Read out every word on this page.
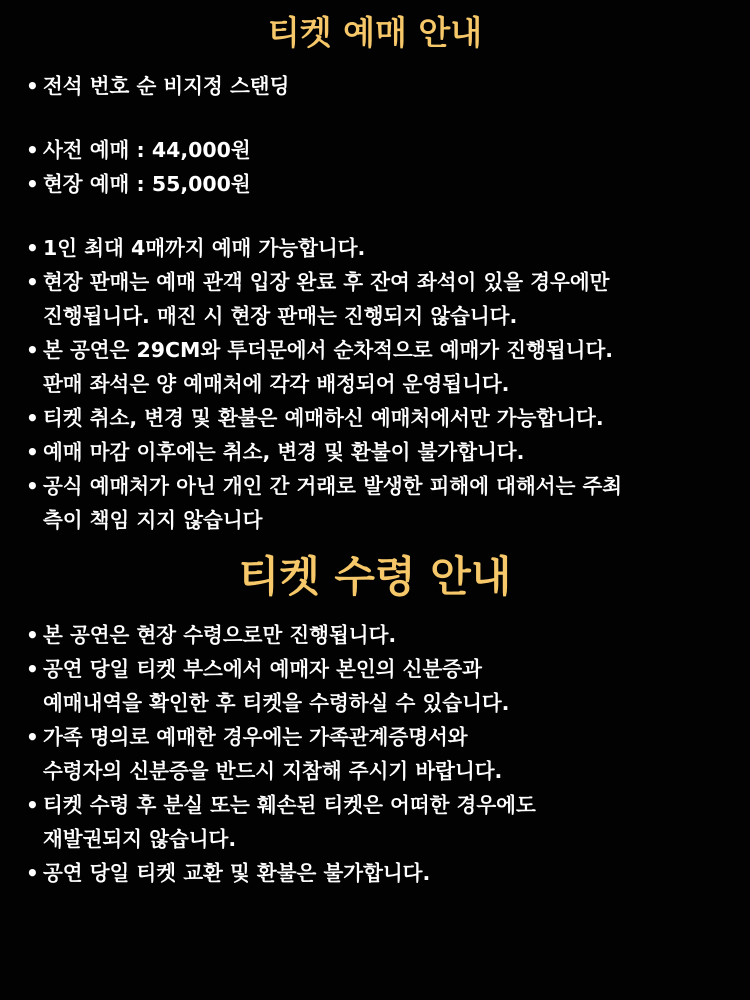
티켓 예매 안내
• 전석 번호 순 비지정 스탠딩
• 사전 예매 : 44,000원
• 현장 예매 : 55,000원
• 1인 최대 4매까지 예매 가능합니다.
• 현장 판매는 예매 관객 입장 완료 후 잔여 좌석이 있을 경우에만
진행됩니다. 매진 시 현장 판매는 진행되지 않습니다.
• 본 공연은 29CM와 투더문에서 순차적으로 예매가 진행됩니다.
판매 좌석은 양 예매처에 각각 배정되어 운영됩니다.
• 티켓 취소, 변경 및 환불은 예매하신 예매처에서만 가능합니다.
• 예매 마감 이후에는 취소, 변경 및 환불이 불가합니다.
• 공식 예매처가 아닌 개인 간 거래로 발생한 피해에 대해서는 주최
측이 책임 지지 않습니다
티켓 수령 안내
• 본 공연은 현장 수령으로만 진행됩니다.
• 공연 당일 티켓 부스에서 예매자 본인의 신분증과
예매내역을 확인한 후 티켓을 수령하실 수 있습니다.
• 가족 명의로 예매한 경우에는 가족관계증명서와
수령자의 신분증을 반드시 지참해 주시기 바랍니다.
• 티켓 수령 후 분실 또는 훼손된 티켓은 어떠한 경우에도
재발권되지 않습니다.
• 공연 당일 티켓 교환 및 환불은 불가합니다.
